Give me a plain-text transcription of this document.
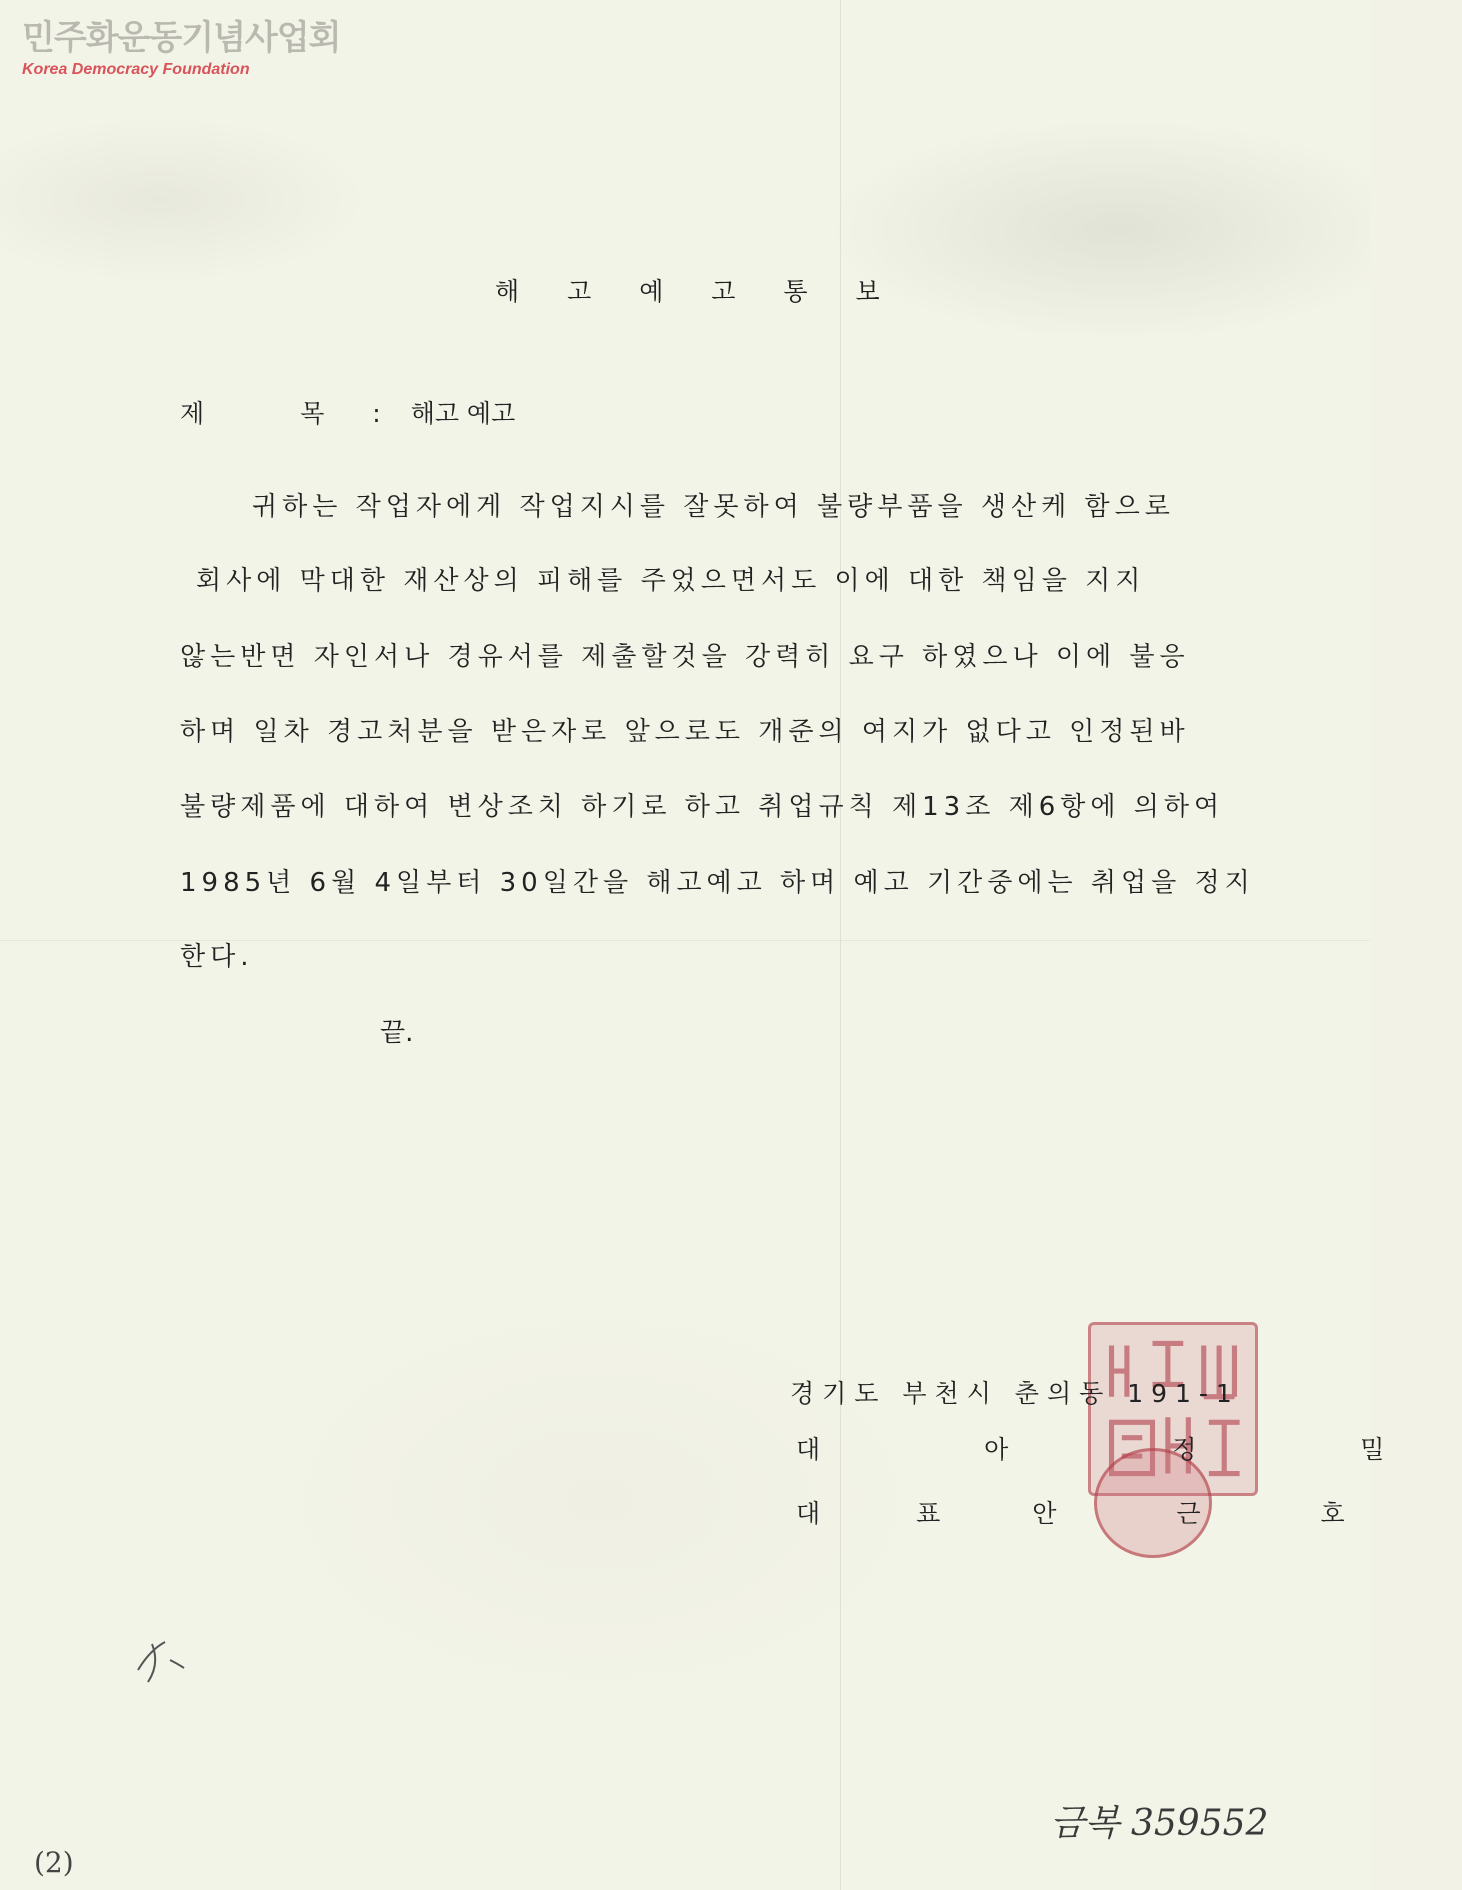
민주화운동기념사업회
Korea Democracy Foundation
해 고 예 고 통 보
제 목 : 해고 예고
귀하는 작업자에게 작업지시를 잘못하여 불량부품을 생산케 함으로
회사에 막대한 재산상의 피해를 주었으면서도 이에 대한 책임을 지지
않는반면 자인서나 경유서를 제출할것을 강력히 요구 하였으나 이에 불응
하며 일차 경고처분을 받은자로 앞으로도 개준의 여지가 없다고 인정된바
불량제품에 대하여 변상조치 하기로 하고 취업규칙 제13조 제6항에 의하여
1985년 6월 4일부터 30일간을 해고예고 하며 예고 기간중에는 취업을 정지
한다.
끝.
경기도 부천시 춘의동 191-1
대 아 정 밀
대 표 안 근 호
금복 359552
(2)
